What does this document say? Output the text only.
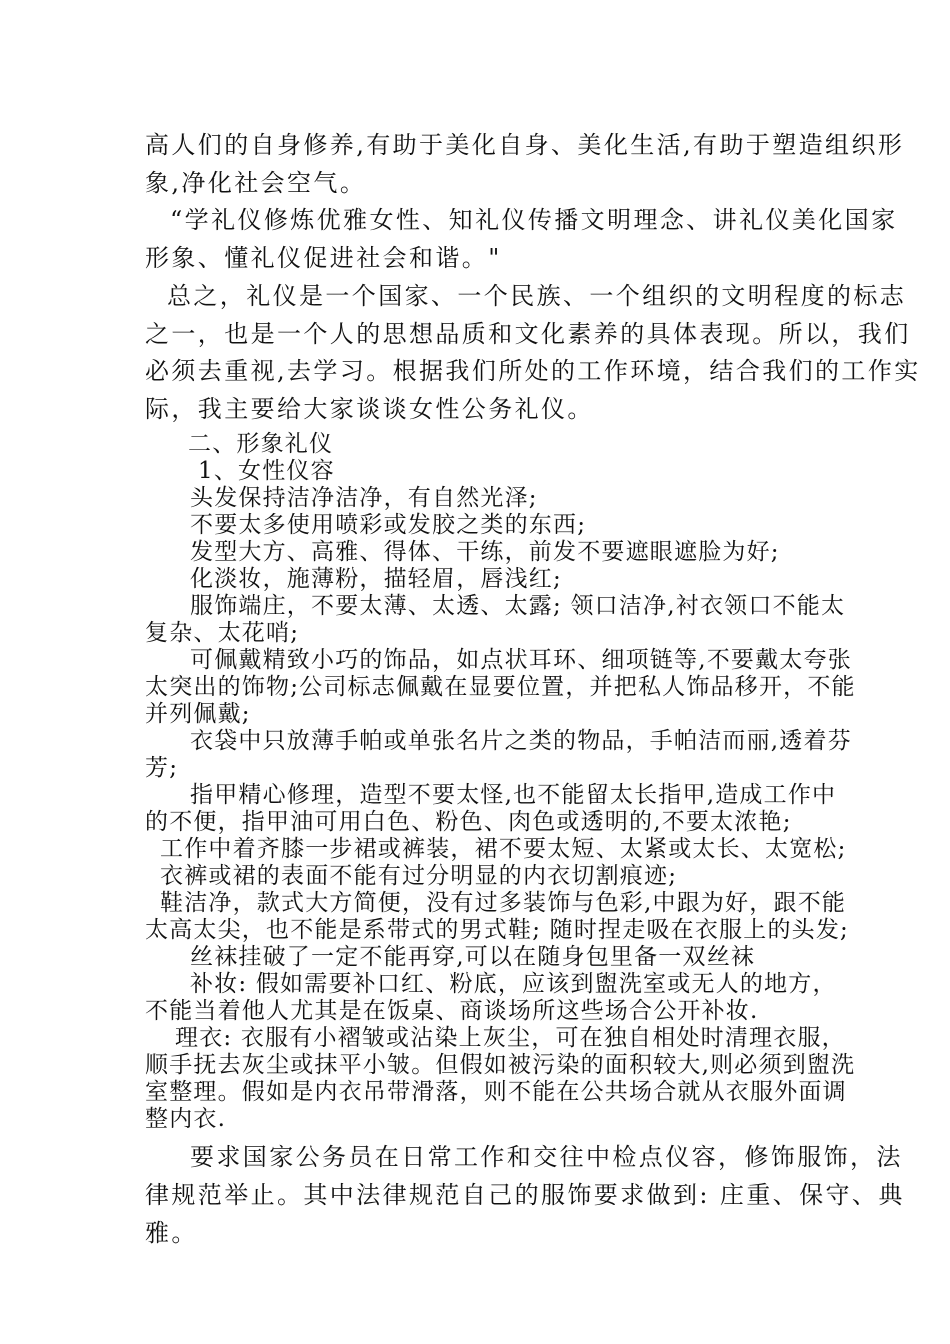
高人们的自身修养,有助于美化自身、美化生活,有助于塑造组织形
象,净化社会空气。
“学礼仪修炼优雅女性、知礼仪传播文明理念、讲礼仪美化国家
形象、懂礼仪促进社会和谐。"
总之，礼仪是一个国家、一个民族、一个组织的文明程度的标志
之一，也是一个人的思想品质和文化素养的具体表现。所以，我们
必须去重视,去学习。根据我们所处的工作环境，结合我们的工作实
际，我主要给大家谈谈女性公务礼仪。
二、形象礼仪
1、女性仪容
头发保持洁净洁净，有自然光泽;
不要太多使用喷彩或发胶之类的东西;
发型大方、高雅、得体、干练，前发不要遮眼遮脸为好;
化淡妆，施薄粉，描轻眉，唇浅红;
服饰端庄，不要太薄、太透、太露; 领口洁净,衬衣领口不能太
复杂、太花哨;
可佩戴精致小巧的饰品，如点状耳环、细项链等,不要戴太夸张
太突出的饰物;公司标志佩戴在显要位置，并把私人饰品移开，不能
并列佩戴;
衣袋中只放薄手帕或单张名片之类的物品，手帕洁而丽,透着芬
芳;
指甲精心修理，造型不要太怪,也不能留太长指甲,造成工作中
的不便，指甲油可用白色、粉色、肉色或透明的,不要太浓艳;
工作中着齐膝一步裙或裤装，裙不要太短、太紧或太长、太宽松;
衣裤或裙的表面不能有过分明显的内衣切割痕迹;
鞋洁净，款式大方简便，没有过多装饰与色彩,中跟为好，跟不能
太高太尖，也不能是系带式的男式鞋; 随时捏走吸在衣服上的头发;
丝袜挂破了一定不能再穿,可以在随身包里备一双丝袜
补妆: 假如需要补口红、粉底，应该到盥洗室或无人的地方，
不能当着他人尤其是在饭桌、商谈场所这些场合公开补妆.
理衣: 衣服有小褶皱或沾染上灰尘，可在独自相处时清理衣服，
顺手抚去灰尘或抹平小皱。但假如被污染的面积较大,则必须到盥洗
室整理。假如是内衣吊带滑落，则不能在公共场合就从衣服外面调
整内衣.
要求国家公务员在日常工作和交往中检点仪容，修饰服饰，法
律规范举止。其中法律规范自己的服饰要求做到: 庄重、保守、典
雅。
